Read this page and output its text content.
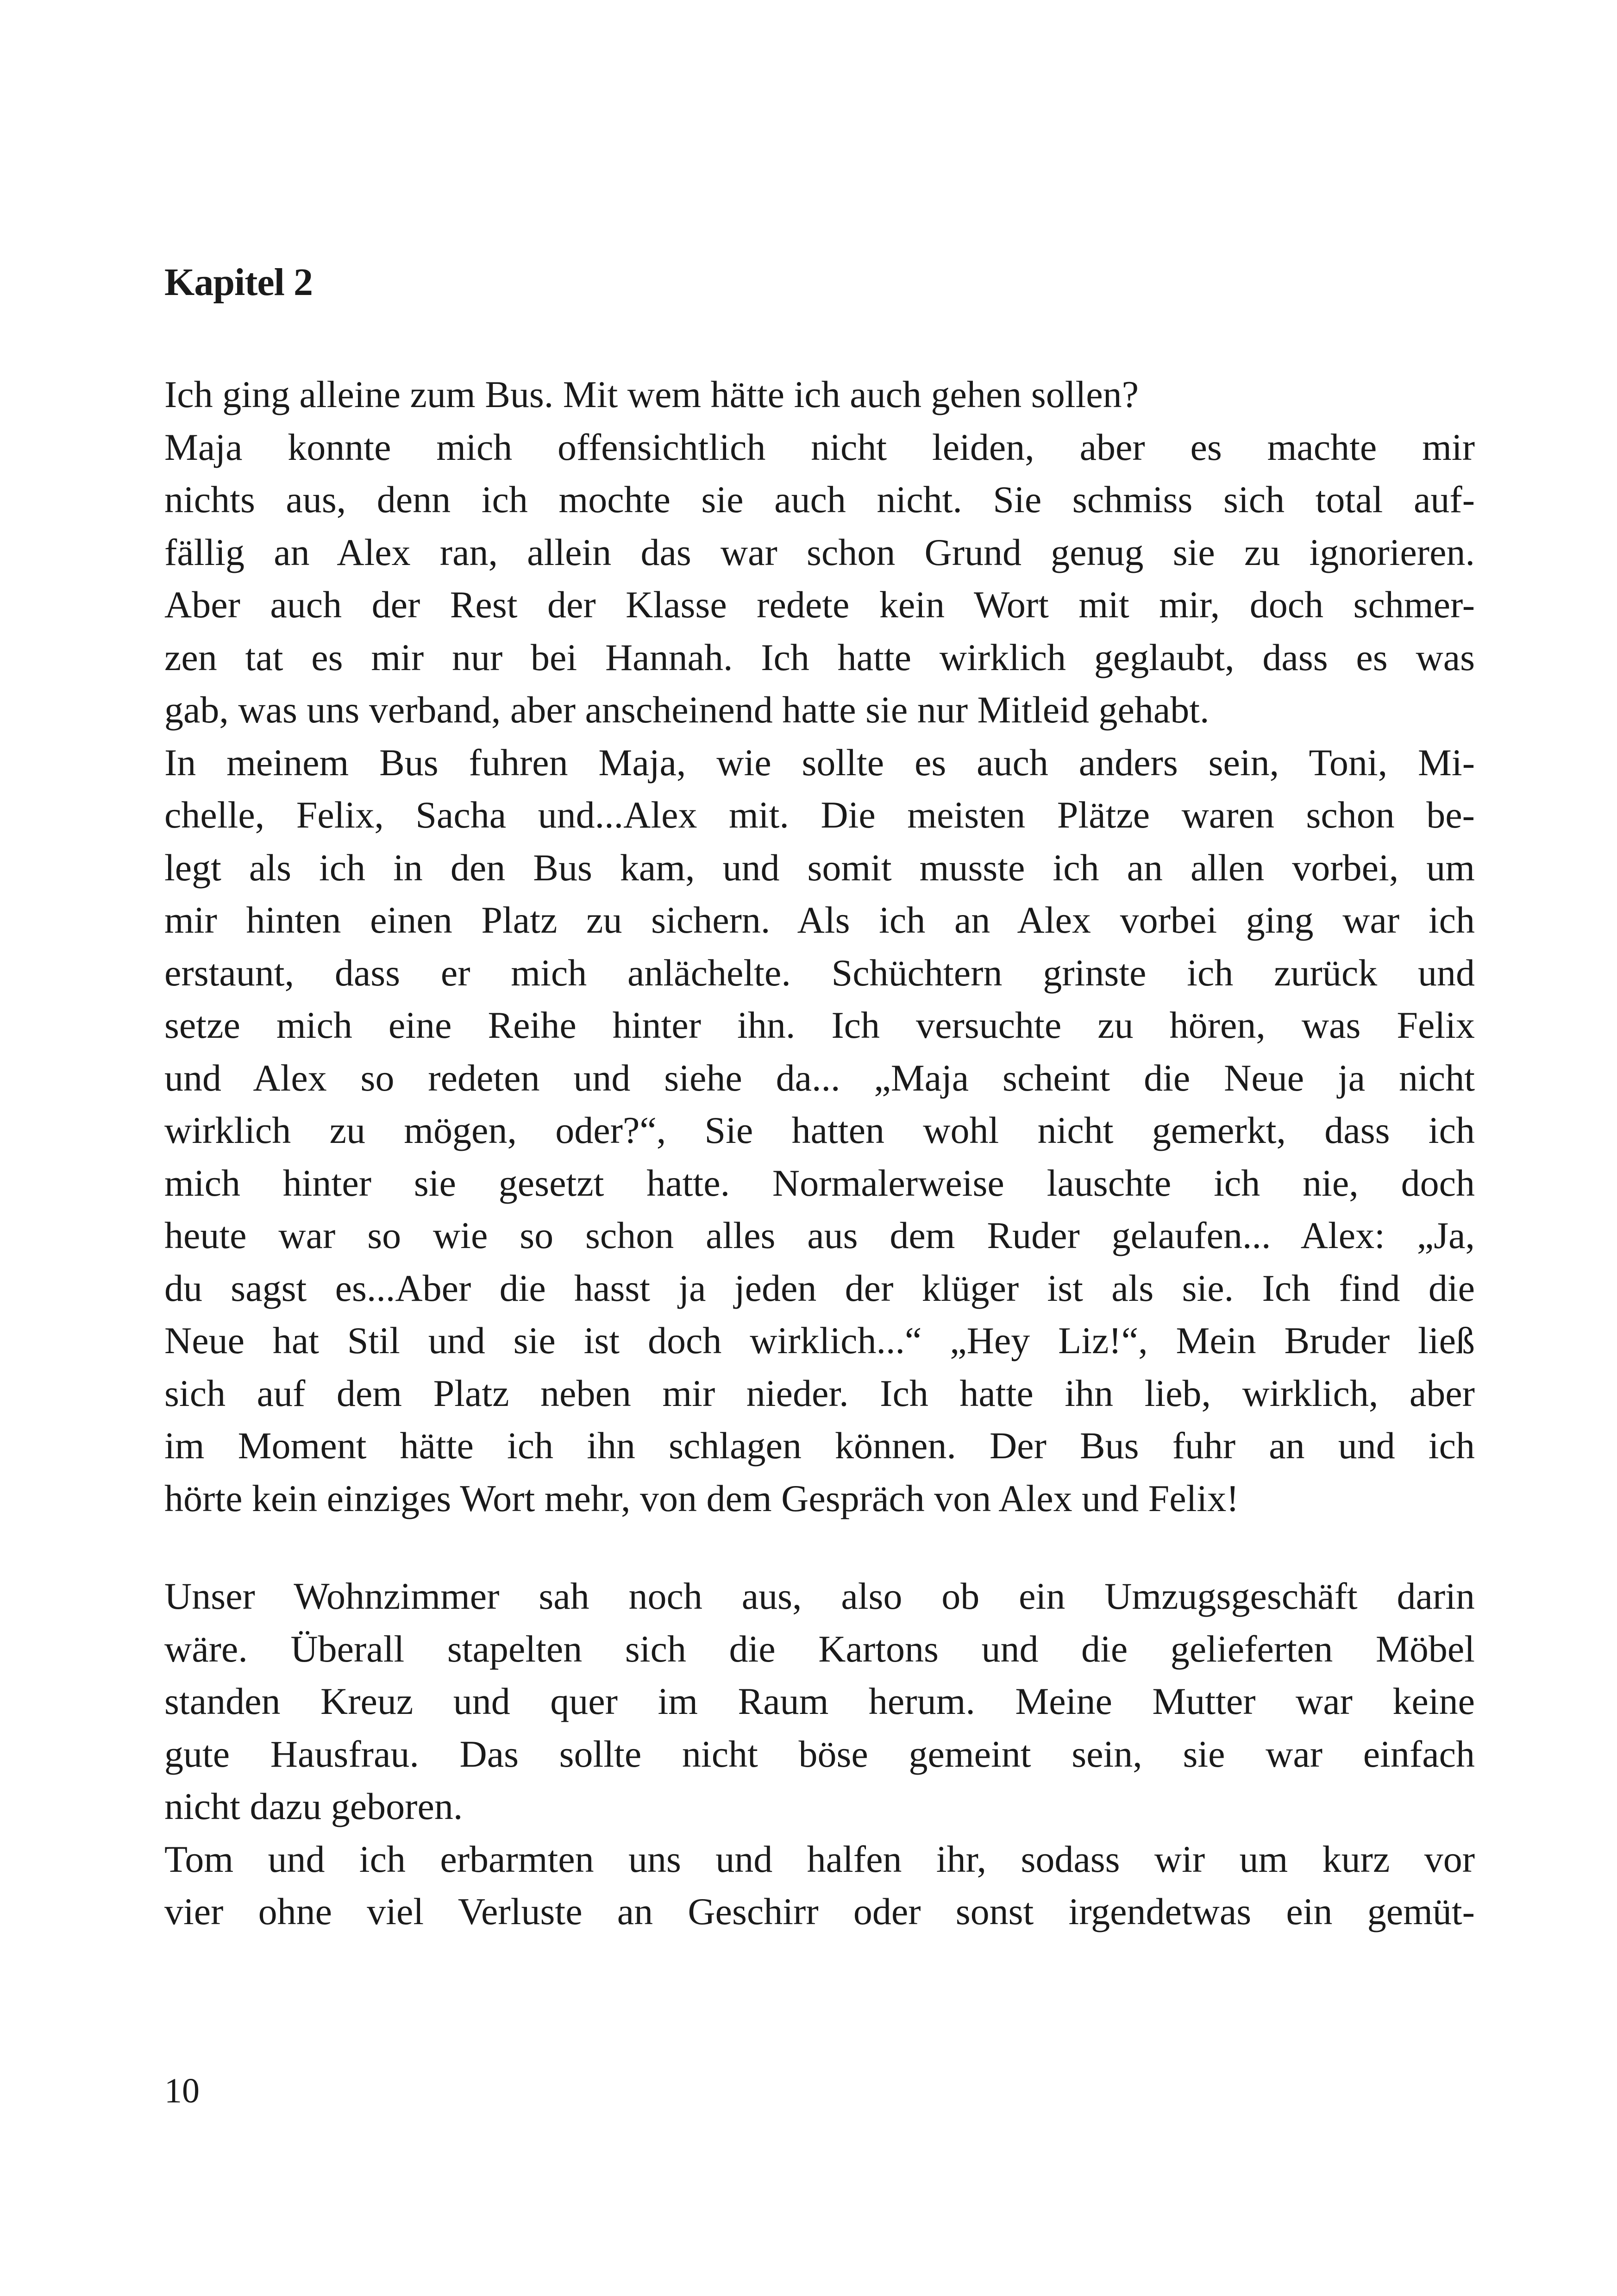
Kapitel 2
Ich ging alleine zum Bus. Mit wem hätte ich auch gehen sollen?
Maja konnte mich offensichtlich nicht leiden, aber es machte mir
nichts aus, denn ich mochte sie auch nicht. Sie schmiss sich total auf-
fällig an Alex ran, allein das war schon Grund genug sie zu ignorieren.
Aber auch der Rest der Klasse redete kein Wort mit mir, doch schmer-
zen tat es mir nur bei Hannah. Ich hatte wirklich geglaubt, dass es was
gab, was uns verband, aber anscheinend hatte sie nur Mitleid gehabt.
In meinem Bus fuhren Maja, wie sollte es auch anders sein, Toni, Mi-
chelle, Felix, Sacha und...Alex mit. Die meisten Plätze waren schon be-
legt als ich in den Bus kam, und somit musste ich an allen vorbei, um
mir hinten einen Platz zu sichern. Als ich an Alex vorbei ging war ich
erstaunt, dass er mich anlächelte. Schüchtern grinste ich zurück und
setze mich eine Reihe hinter ihn. Ich versuchte zu hören, was Felix
und Alex so redeten und siehe da... „Maja scheint die Neue ja nicht
wirklich zu mögen, oder?“, Sie hatten wohl nicht gemerkt, dass ich
mich hinter sie gesetzt hatte. Normalerweise lauschte ich nie, doch
heute war so wie so schon alles aus dem Ruder gelaufen... Alex: „Ja,
du sagst es...Aber die hasst ja jeden der klüger ist als sie. Ich find die
Neue hat Stil und sie ist doch wirklich...“ „Hey Liz!“, Mein Bruder ließ
sich auf dem Platz neben mir nieder. Ich hatte ihn lieb, wirklich, aber
im Moment hätte ich ihn schlagen können. Der Bus fuhr an und ich
hörte kein einziges Wort mehr, von dem Gespräch von Alex und Felix!
Unser Wohnzimmer sah noch aus, also ob ein Umzugsgeschäft darin
wäre. Überall stapelten sich die Kartons und die gelieferten Möbel
standen Kreuz und quer im Raum herum. Meine Mutter war keine
gute Hausfrau. Das sollte nicht böse gemeint sein, sie war einfach
nicht dazu geboren.
Tom und ich erbarmten uns und halfen ihr, sodass wir um kurz vor
vier ohne viel Verluste an Geschirr oder sonst irgendetwas ein gemüt-
10
